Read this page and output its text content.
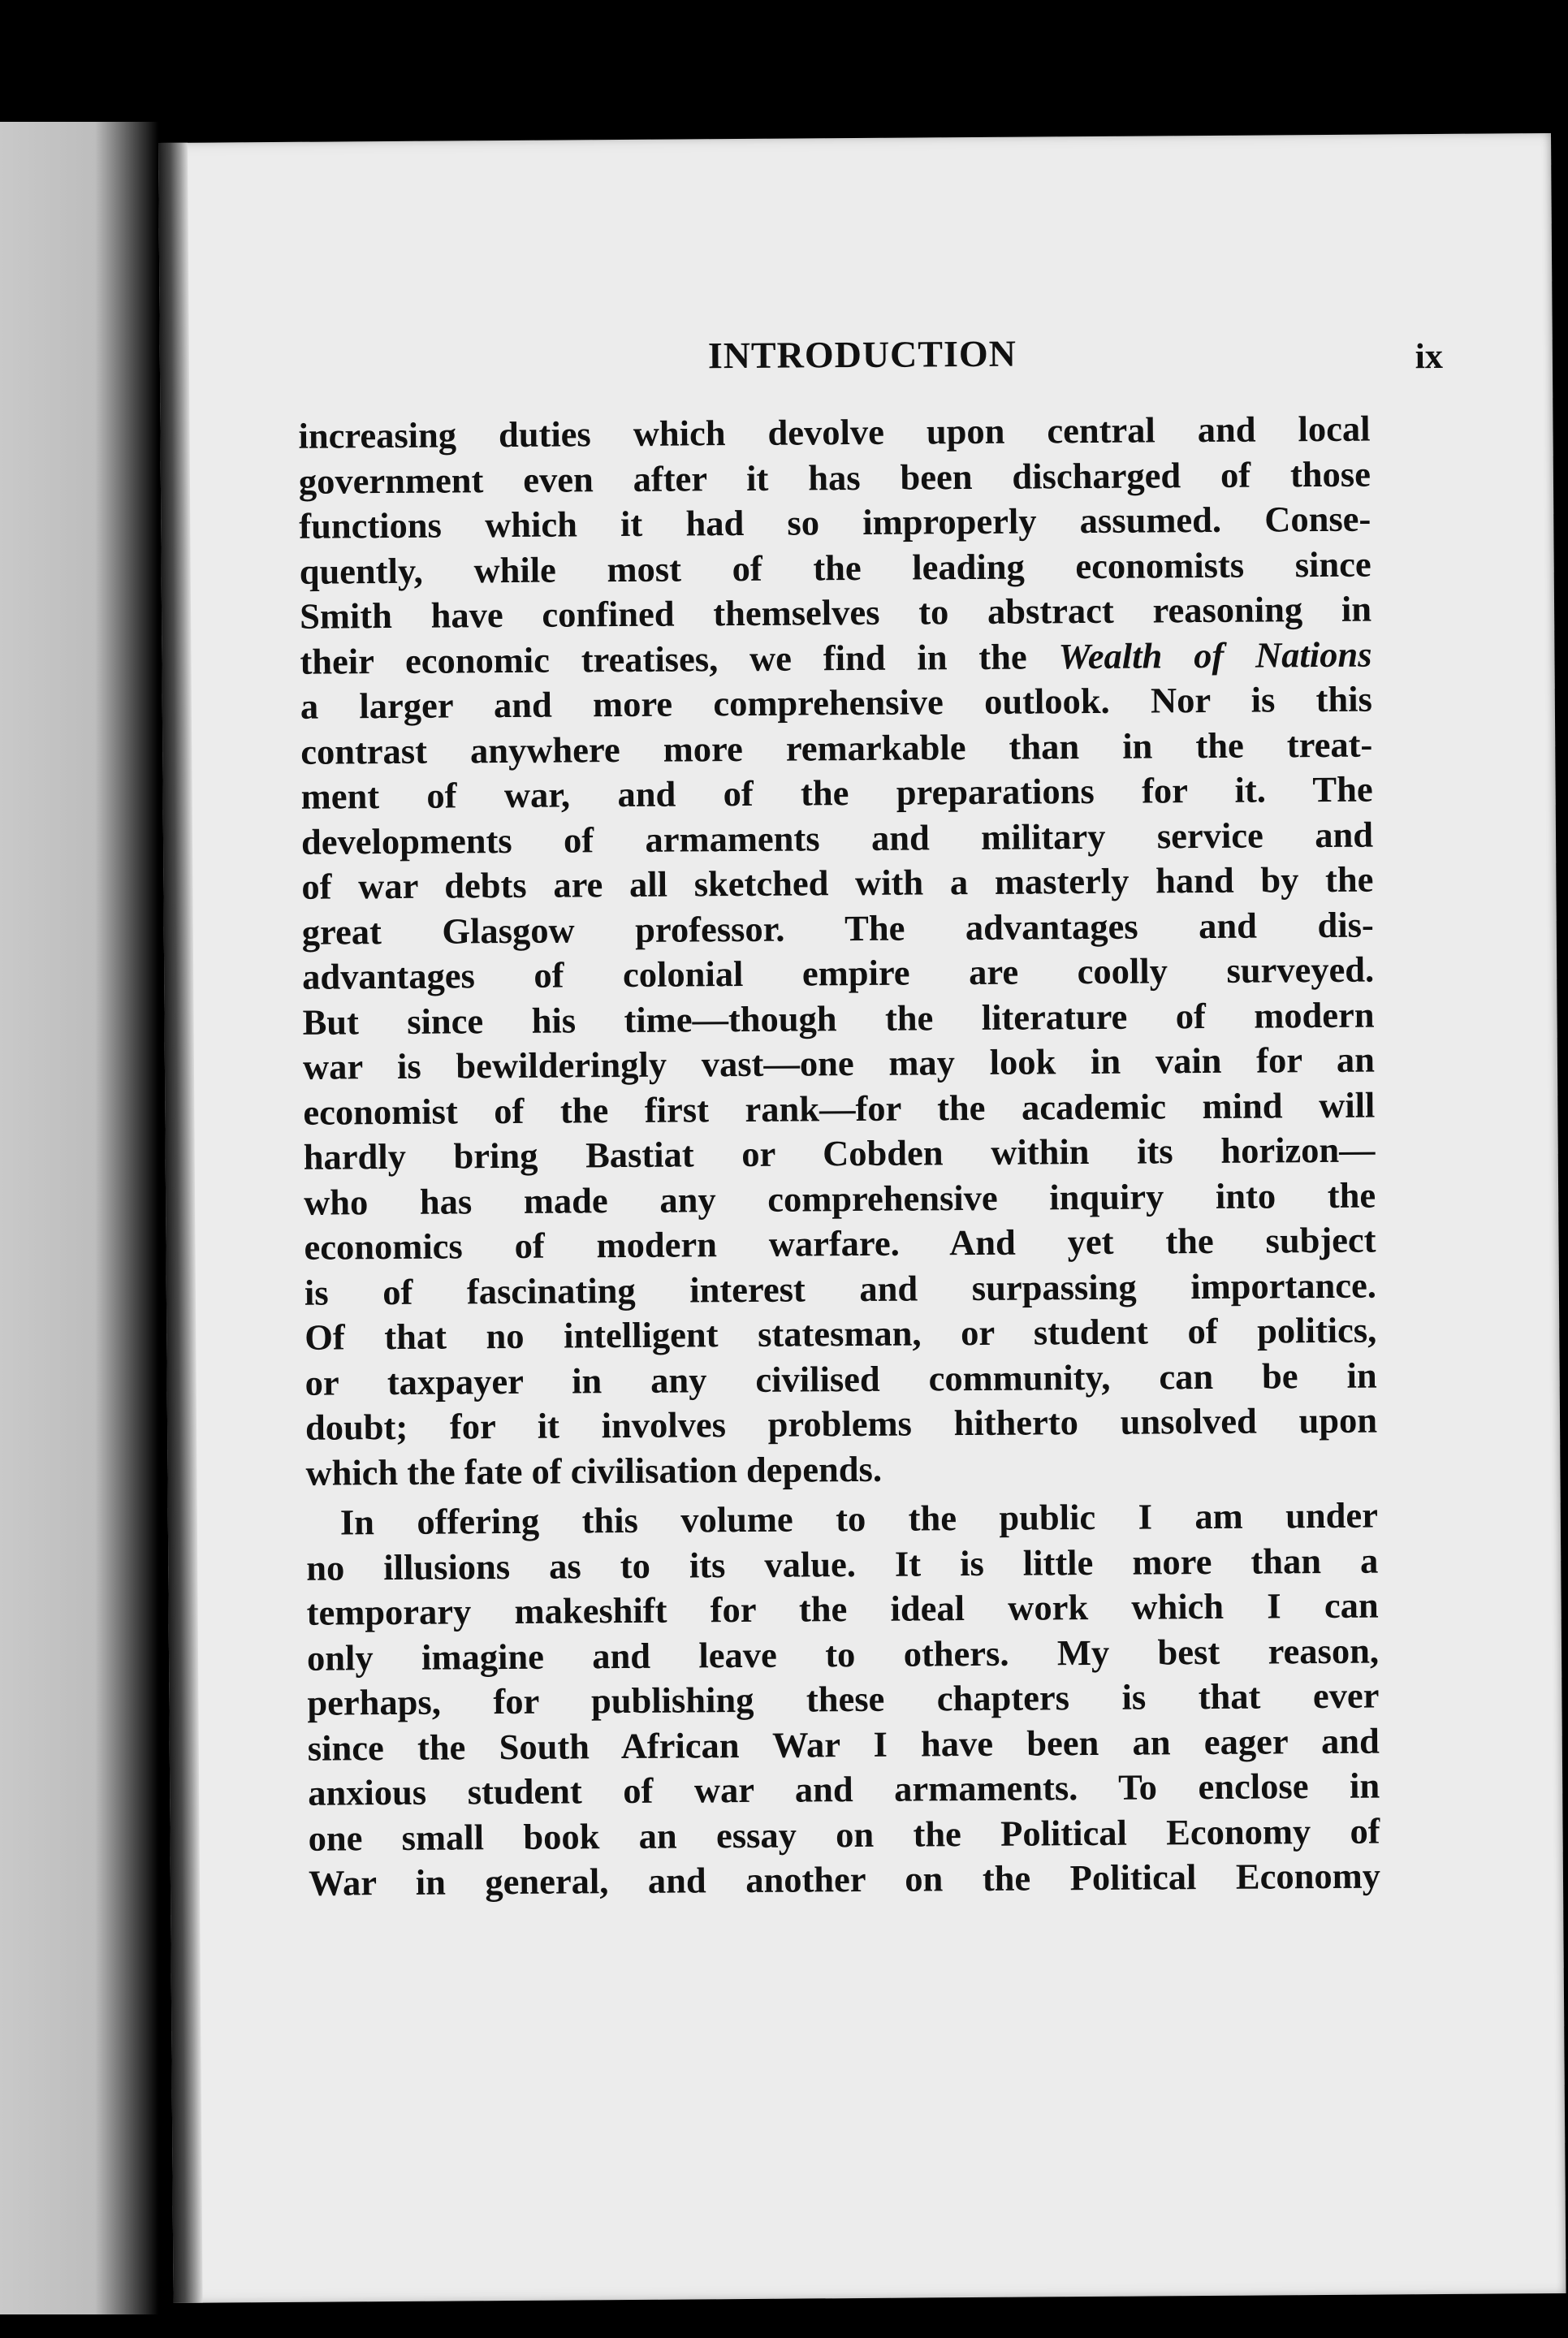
INTRODUCTION	ix
increasing duties which devolve upon central and local
government even after it has been discharged of those
functions which it had so improperly assumed. Conse-
quently, while most of the leading economists since
Smith have confined themselves to abstract reasoning in
their economic treatises, we find in the Wealth of Nations
a larger and more comprehensive outlook. Nor is this
contrast anywhere more remarkable than in the treat-
ment of war, and of the preparations for it. The
developments of armaments and military service and
of war debts are all sketched with a masterly hand by the
great Glasgow professor. The advantages and dis-
advantages of colonial empire are coolly surveyed.
But since his time—though the literature of modern
war is bewilderingly vast—one may look in vain for an
economist of the first rank—for the academic mind will
hardly bring Bastiat or Cobden within its horizon—
who has made any comprehensive inquiry into the
economics of modern warfare. And yet the subject
is of fascinating interest and surpassing importance.
Of that no intelligent statesman, or student of politics,
or taxpayer in any civilised community, can be in
doubt; for it involves problems hitherto unsolved upon
which the fate of civilisation depends.
In offering this volume to the public I am under
no illusions as to its value. It is little more than a
temporary makeshift for the ideal work which I can
only imagine and leave to others. My best reason,
perhaps, for publishing these chapters is that ever
since the South African War I have been an eager and
anxious student of war and armaments. To enclose in
one small book an essay on the Political Economy of
War in general, and another on the Political Economy
